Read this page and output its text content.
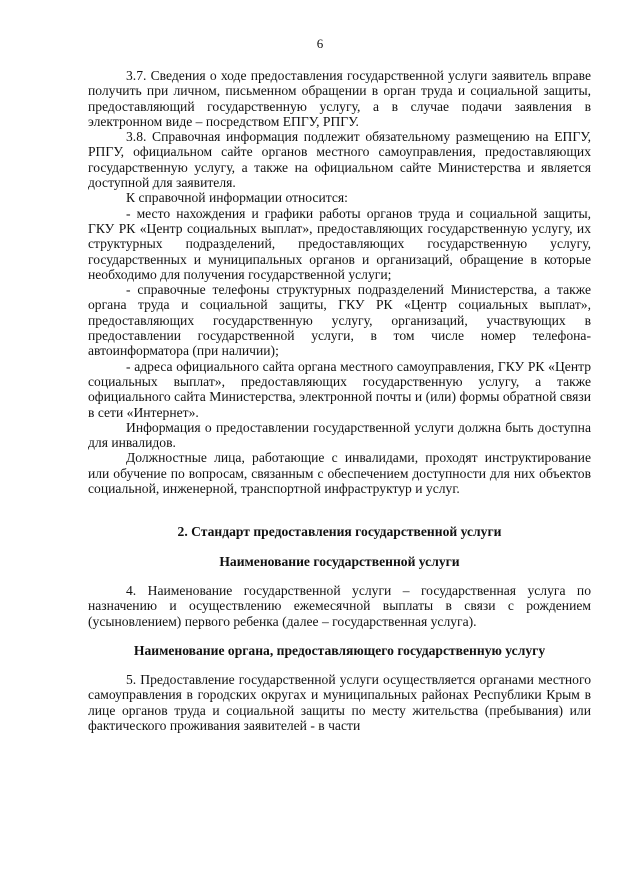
6

3.7. Сведения о ходе предоставления государственной услуги заявитель вправе получить при личном, письменном обращении в орган труда и социальной защиты, предоставляющий государственную услугу, а в случае подачи заявления в электронном виде – посредством ЕПГУ, РПГУ.

3.8. Справочная информация подлежит обязательному размещению на ЕПГУ, РПГУ, официальном сайте органов местного самоуправления, предоставляющих государственную услугу, а также на официальном сайте Министерства и является доступной для заявителя.

К справочной информации относится:

- место нахождения и графики работы органов труда и социальной защиты, ГКУ РК «Центр социальных выплат», предоставляющих государственную услугу, их структурных подразделений, предоставляющих государственную услугу, государственных и муниципальных органов и организаций, обращение в которые необходимо для получения государственной услуги;

- справочные телефоны структурных подразделений Министерства, а также органа труда и социальной защиты, ГКУ РК «Центр социальных выплат», предоставляющих государственную услугу, организаций, участвующих в предоставлении государственной услуги, в том числе номер телефона-автоинформатора (при наличии);

- адреса официального сайта органа местного самоуправления, ГКУ РК «Центр социальных выплат», предоставляющих государственную услугу, а также официального сайта Министерства, электронной почты и (или) формы обратной связи в сети «Интернет».

Информация о предоставлении государственной услуги должна быть доступна для инвалидов.

Должностные лица, работающие с инвалидами, проходят инструктирование или обучение по вопросам, связанным с обеспечением доступности для них объектов социальной, инженерной, транспортной инфраструктур и услуг.

2. Стандарт предоставления государственной услуги

Наименование государственной услуги

4. Наименование государственной услуги – государственная услуга по назначению и осуществлению ежемесячной выплаты в связи с рождением (усыновлением) первого ребенка (далее – государственная услуга).

Наименование органа, предоставляющего государственную услугу

5. Предоставление государственной услуги осуществляется органами местного самоуправления в городских округах и муниципальных районах Республики Крым в лице органов труда и социальной защиты по месту жительства (пребывания) или фактического проживания заявителей - в части
